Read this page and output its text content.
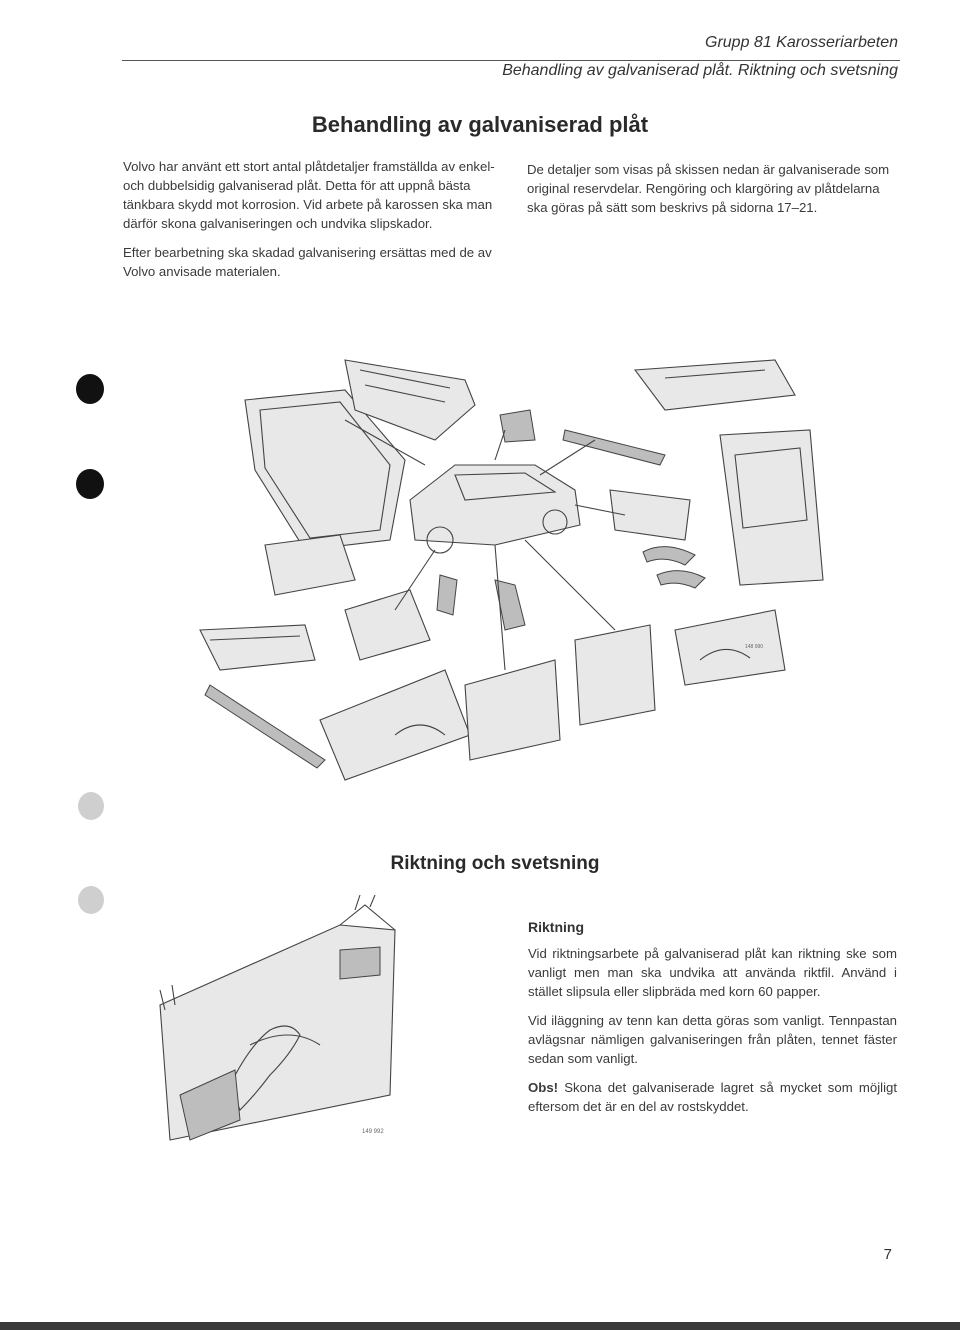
Grupp 81 Karosseriarbeten
Behandling av galvaniserad plåt. Riktning och svetsning
Behandling av galvaniserad plåt

Volvo har använt ett stort antal plåtdetaljer framställda av enkel- och dubbelsidig galvaniserad plåt. Detta för att uppnå bästa tänkbara skydd mot korrosion. Vid arbete på karossen ska man därför skona galvaniseringen och undvika slipskador.

Efter bearbetning ska skadad galvanisering ersättas med de av Volvo anvisade materialen.

De detaljer som visas på skissen nedan är galvaniserade som original reservdelar. Rengöring och klargöring av plåtdelarna ska göras på sätt som beskrivs på sidorna 17–21.

148 990
Riktning och svetsning
149 992
Riktning

Vid riktningsarbete på galvaniserad plåt kan riktning ske som vanligt men man ska undvika att använda riktfil. Använd i stället slipsula eller slipbräda med korn 60 papper.

Vid iläggning av tenn kan detta göras som vanligt. Tennpastan avlägsnar nämligen galvaniseringen från plåten, tennet fäster sedan som vanligt.

Obs! Skona det galvaniserade lagret så mycket som möjligt eftersom det är en del av rostskyddet.

7
